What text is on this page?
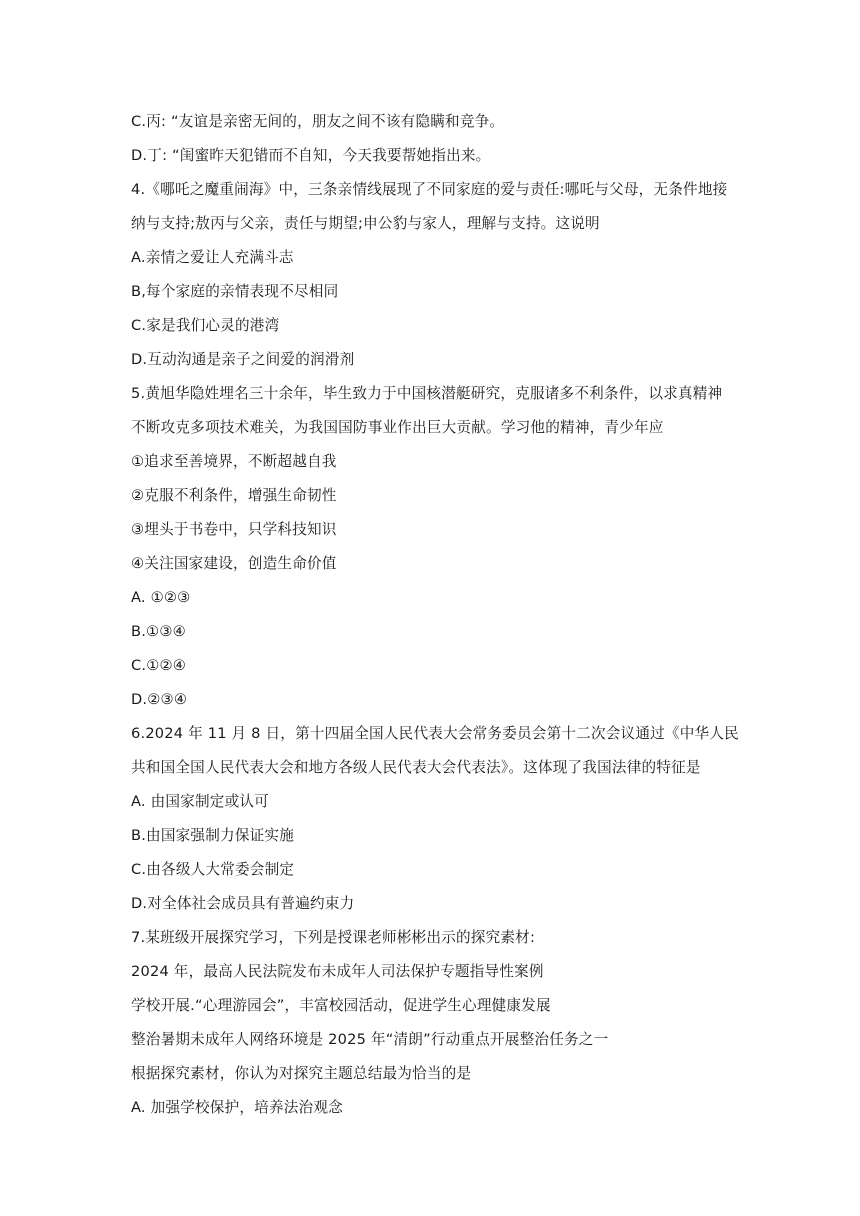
C.丙: “友谊是亲密无间的，朋友之间不该有隐瞒和竞争。
D.丁: “闺蜜昨天犯错而不自知，今天我要帮她指出来。
4.《哪吒之魔重闹海》中，三条亲情线展现了不同家庭的爱与责任:哪吒与父母，无条件地接
纳与支持;敖丙与父亲，责任与期望;申公豹与家人，理解与支持。这说明
A.亲情之爱让人充满斗志
B,每个家庭的亲情表现不尽相同
C.家是我们心灵的港湾
D.互动沟通是亲子之间爱的润滑剂
5.黄旭华隐姓埋名三十余年，毕生致力于中国核潜艇研究，克服诸多不利条件，以求真精神
不断攻克多项技术难关，为我国国防事业作出巨大贡献。学习他的精神，青少年应
①追求至善境界，不断超越自我
②克服不利条件，增强生命韧性
③埋头于书卷中，只学科技知识
④关注国家建设，创造生命价值
A. ①②③
B.①③④
C.①②④
D.②③④
6.2024 年 11 月 8 日，第十四届全国人民代表大会常务委员会第十二次会议通过《中华人民
共和国全国人民代表大会和地方各级人民代表大会代表法》。这体现了我国法律的特征是
A. 由国家制定或认可
B.由国家强制力保证实施
C.由各级人大常委会制定
D.对全体社会成员具有普遍约束力
7.某班级开展探究学习，下列是授课老师彬彬出示的探究素材:
2024 年，最高人民法院发布未成年人司法保护专题指导性案例
学校开展.“心理游园会”，丰富校园活动，促进学生心理健康发展
整治暑期未成年人网络环境是 2025 年“清朗”行动重点开展整治任务之一
根据探究素材，你认为对探究主题总结最为恰当的是
A. 加强学校保护，培养法治观念
